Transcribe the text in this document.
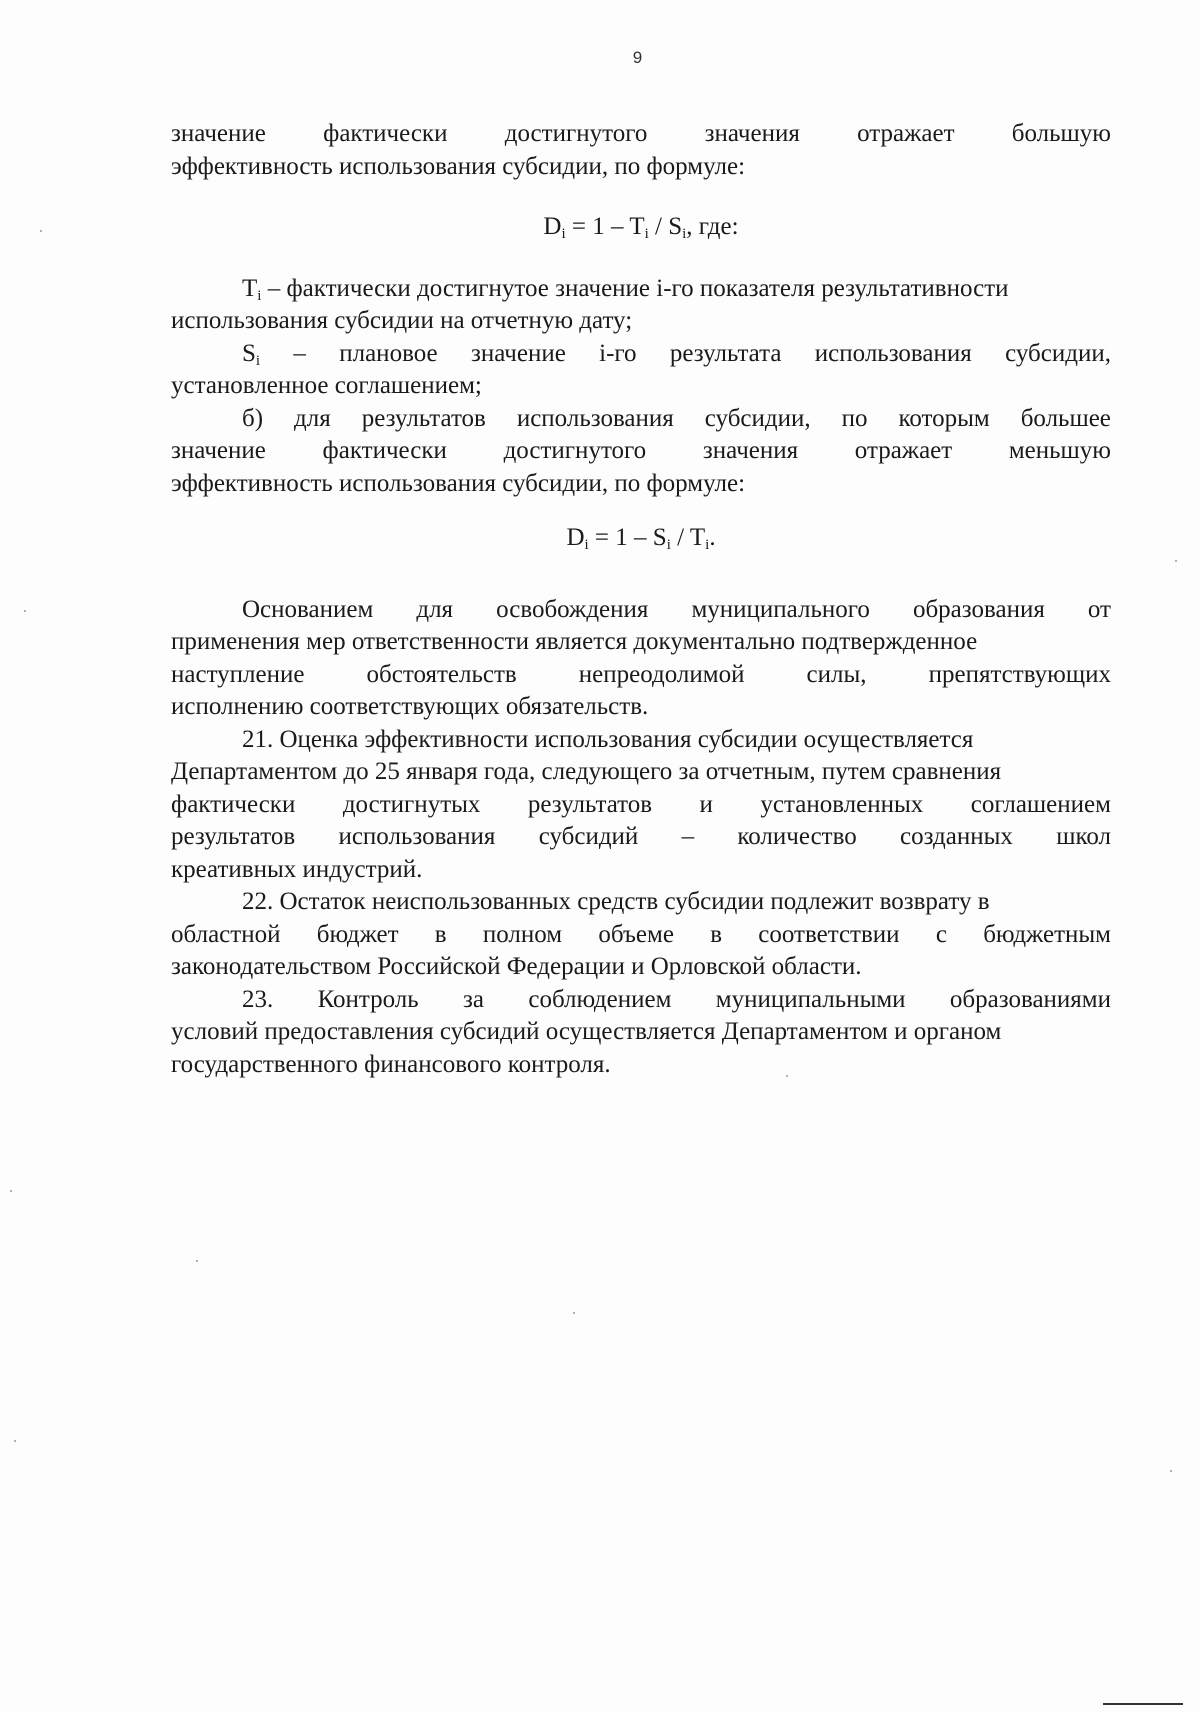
9
значение фактически достигнутого значения отражает большую
эффективность использования субсидии, по формуле:

$D_i = 1 - T_i / S_i$, где:

$T_i$ – фактически достигнутое значение i-го показателя результативности
использования субсидии на отчетную дату;
$S_i$ – плановое значение i-го результата использования субсидии,
установленное соглашением;
б) для результатов использования субсидии, по которым большее
значение фактически достигнутого значения отражает меньшую
эффективность использования субсидии, по формуле:

$D_i = 1 - S_i / T_i$.

Основанием для освобождения муниципального образования от
применения мер ответственности является документально подтвержденное
наступление обстоятельств непреодолимой силы, препятствующих
исполнению соответствующих обязательств.
21. Оценка эффективности использования субсидии осуществляется
Департаментом до 25 января года, следующего за отчетным, путем сравнения
фактически достигнутых результатов и установленных соглашением
результатов использования субсидий – количество созданных школ
креативных индустрий.
22. Остаток неиспользованных средств субсидии подлежит возврату в
областной бюджет в полном объеме в соответствии с бюджетным
законодательством Российской Федерации и Орловской области.
23. Контроль за соблюдением муниципальными образованиями
условий предоставления субсидий осуществляется Департаментом и органом
государственного финансового контроля.
